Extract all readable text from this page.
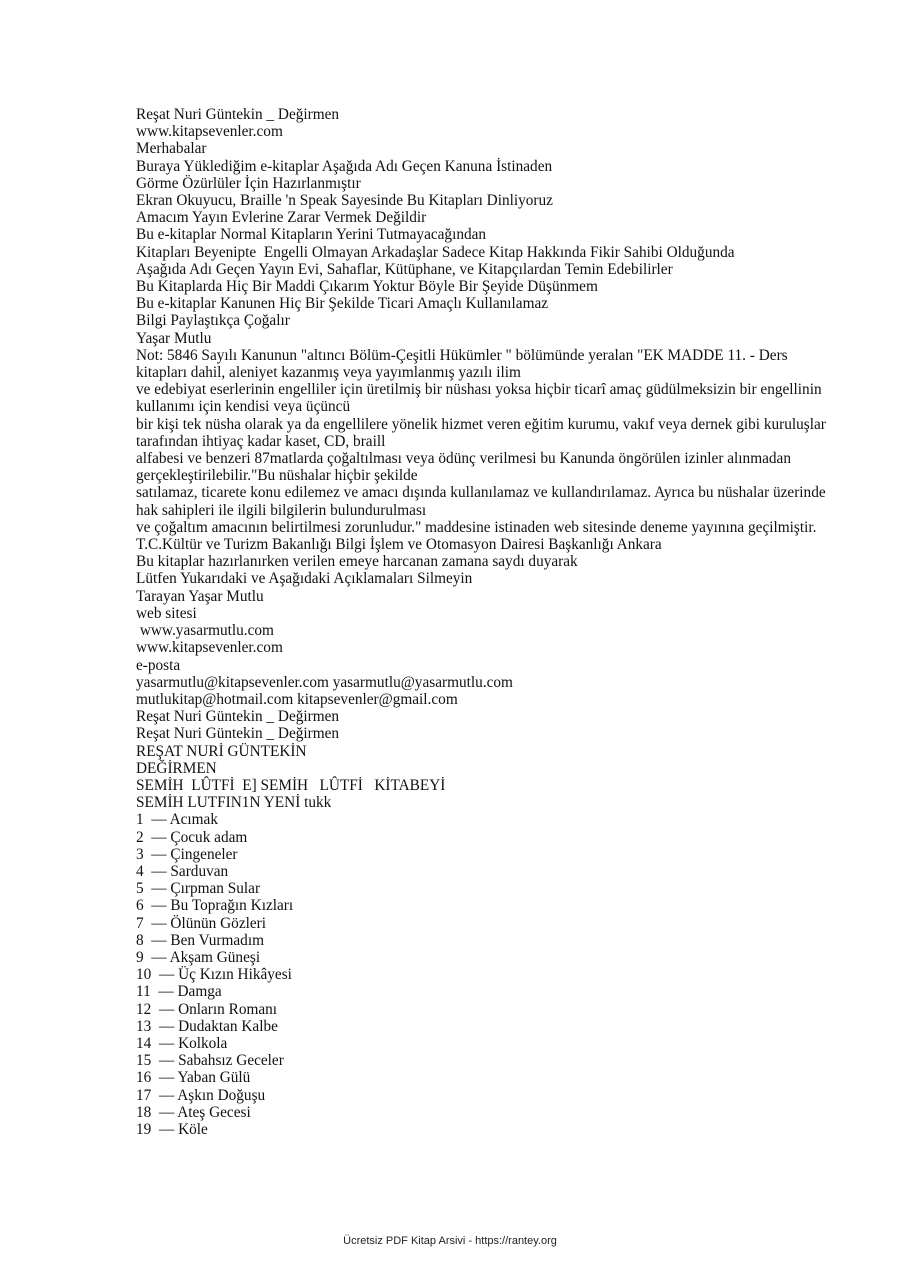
Reşat Nuri Güntekin _ Değirmen
www.kitapsevenler.com
Merhabalar
Buraya Yüklediğim e-kitaplar Aşağıda Adı Geçen Kanuna İstinaden
Görme Özürlüler İçin Hazırlanmıştır
Ekran Okuyucu, Braille 'n Speak Sayesinde Bu Kitapları Dinliyoruz
Amacım Yayın Evlerine Zarar Vermek Değildir
Bu e-kitaplar Normal Kitapların Yerini Tutmayacağından
Kitapları Beyenipte  Engelli Olmayan Arkadaşlar Sadece Kitap Hakkında Fikir Sahibi Olduğunda
Aşağıda Adı Geçen Yayın Evi, Sahaflar, Kütüphane, ve Kitapçılardan Temin Edebilirler
Bu Kitaplarda Hiç Bir Maddi Çıkarım Yoktur Böyle Bir Şeyide Düşünmem
Bu e-kitaplar Kanunen Hiç Bir Şekilde Ticari Amaçlı Kullanılamaz
Bilgi Paylaştıkça Çoğalır
Yaşar Mutlu
Not: 5846 Sayılı Kanunun "altıncı Bölüm-Çeşitli Hükümler " bölümünde yeralan "EK MADDE 11. - Ders kitapları dahil, aleniyet kazanmış veya yayımlanmış yazılı ilim
ve edebiyat eserlerinin engelliler için üretilmiş bir nüshası yoksa hiçbir ticarî amaç güdülmeksizin bir engellinin kullanımı için kendisi veya üçüncü
bir kişi tek nüsha olarak ya da engellilere yönelik hizmet veren eğitim kurumu, vakıf veya dernek gibi kuruluşlar tarafından ihtiyaç kadar kaset, CD, braill
alfabesi ve benzeri 87matlarda çoğaltılması veya ödünç verilmesi bu Kanunda öngörülen izinler alınmadan gerçekleştirilebilir."Bu nüshalar hiçbir şekilde
satılamaz, ticarete konu edilemez ve amacı dışında kullanılamaz ve kullandırılamaz. Ayrıca bu nüshalar üzerinde hak sahipleri ile ilgili bilgilerin bulundurulması
ve çoğaltım amacının belirtilmesi zorunludur." maddesine istinaden web sitesinde deneme yayınına geçilmiştir.
T.C.Kültür ve Turizm Bakanlığı Bilgi İşlem ve Otomasyon Dairesi Başkanlığı Ankara
Bu kitaplar hazırlanırken verilen emeye harcanan zamana saydı duyarak
Lütfen Yukarıdaki ve Aşağıdaki Açıklamaları Silmeyin
Tarayan Yaşar Mutlu
web sitesi
www.yasarmutlu.com
www.kitapsevenler.com
e-posta
yasarmutlu@kitapsevenler.com yasarmutlu@yasarmutlu.com
mutlukitap@hotmail.com kitapsevenler@gmail.com
Reşat Nuri Güntekin _ Değirmen
Reşat Nuri Güntekin _ Değirmen
REŞAT NURİ GÜNTEKİN
DEĞİRMEN
SEMİH  LÛTFİ  E] SEMİH   LÛTFİ   KİTABEYİ
SEMİH LUTFIN1N YENİ tukk
1  — Acımak
2  — Çocuk adam
3  — Çingeneler
4  — Sarduvan
5  — Çırpman Sular
6  — Bu Toprağın Kızları
7  — Ölünün Gözleri
8  — Ben Vurmadım
9  — Akşam Güneşi
10  — Üç Kızın Hikâyesi
11  — Damga
12  — Onların Romanı
13  — Dudaktan Kalbe
14  — Kolkola
15  — Sabahsız Geceler
16  — Yaban Gülü
17  — Aşkın Doğuşu
18  — Ateş Gecesi
19  — Köle
Ücretsiz PDF Kitap Arsivi - https://rantey.org
